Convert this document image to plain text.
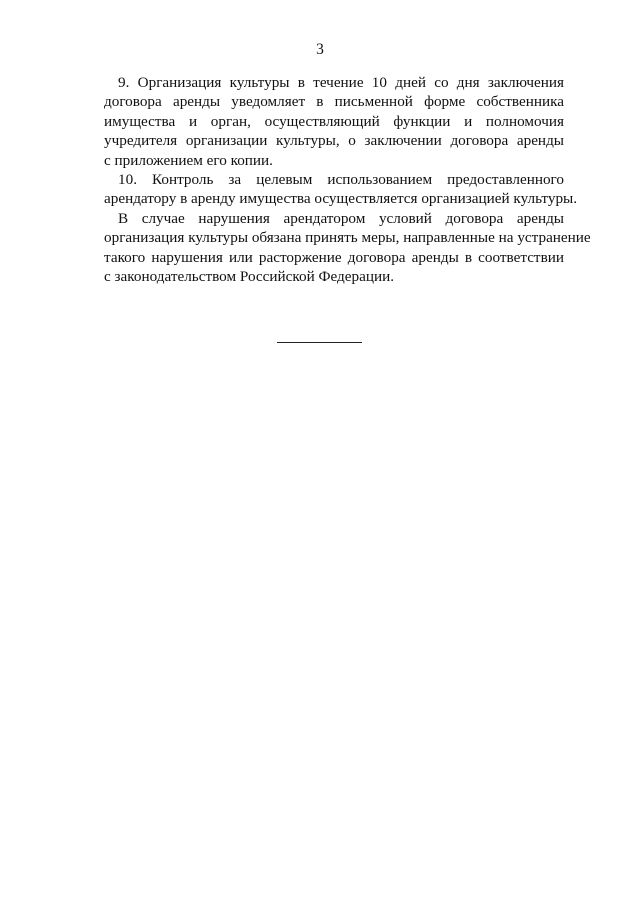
3

9. Организация культуры в течение 10 дней со дня заключения
договора аренды уведомляет в письменной форме собственника
имущества и орган, осуществляющий функции и полномочия
учредителя организации культуры, о заключении договора аренды
с приложением его копии.

10. Контроль за целевым использованием предоставленного
арендатору в аренду имущества осуществляется организацией культуры.

В случае нарушения арендатором условий договора аренды
организация культуры обязана принять меры, направленные на устранение
такого нарушения или расторжение договора аренды в соответствии
с законодательством Российской Федерации.
